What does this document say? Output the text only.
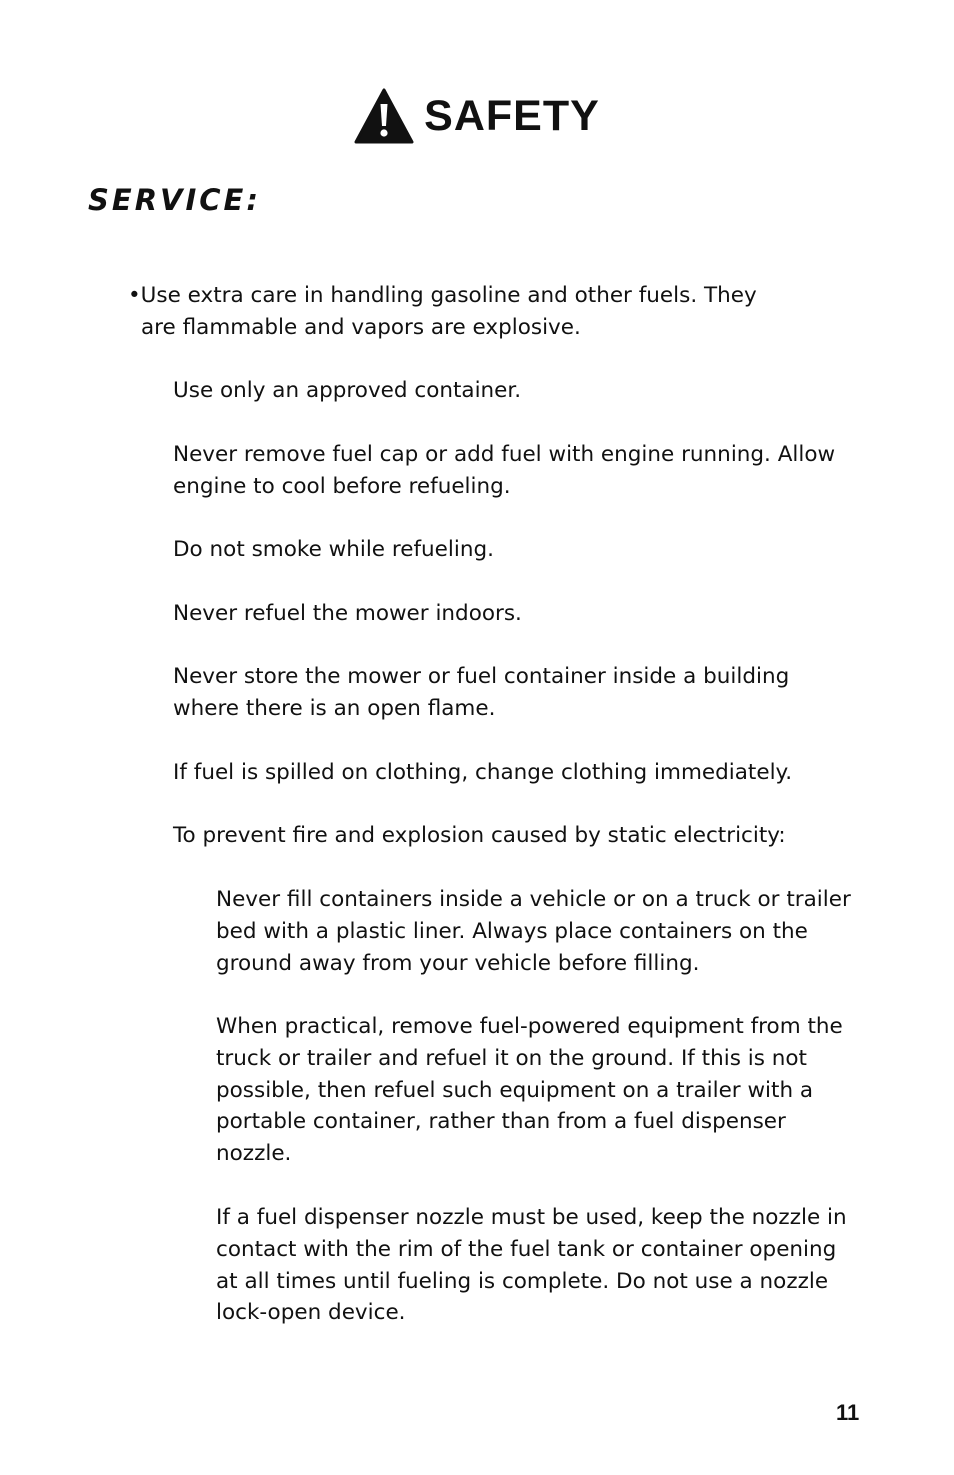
SAFETY
SERVICE:

•Use extra care in handling gasoline and other fuels. They
are flammable and vapors are explosive.

Use only an approved container.

Never remove fuel cap or add fuel with engine running. Allow engine to cool before refueling.

Do not smoke while refueling.

Never refuel the mower indoors.

Never store the mower or fuel container inside a building where there is an open flame.

If fuel is spilled on clothing, change clothing immediately.

To prevent fire and explosion caused by static electricity:

Never fill containers inside a vehicle or on a truck or trailer bed with a plastic liner. Always place containers on the ground away from your vehicle before filling.

When practical, remove fuel-powered equipment from the truck or trailer and refuel it on the ground. If this is not possible, then refuel such equipment on a trailer with a portable container, rather than from a fuel dispenser nozzle.

If a fuel dispenser nozzle must be used, keep the nozzle in contact with the rim of the fuel tank or container opening at all times until fueling is complete. Do not use a nozzle lock-open device.

11
